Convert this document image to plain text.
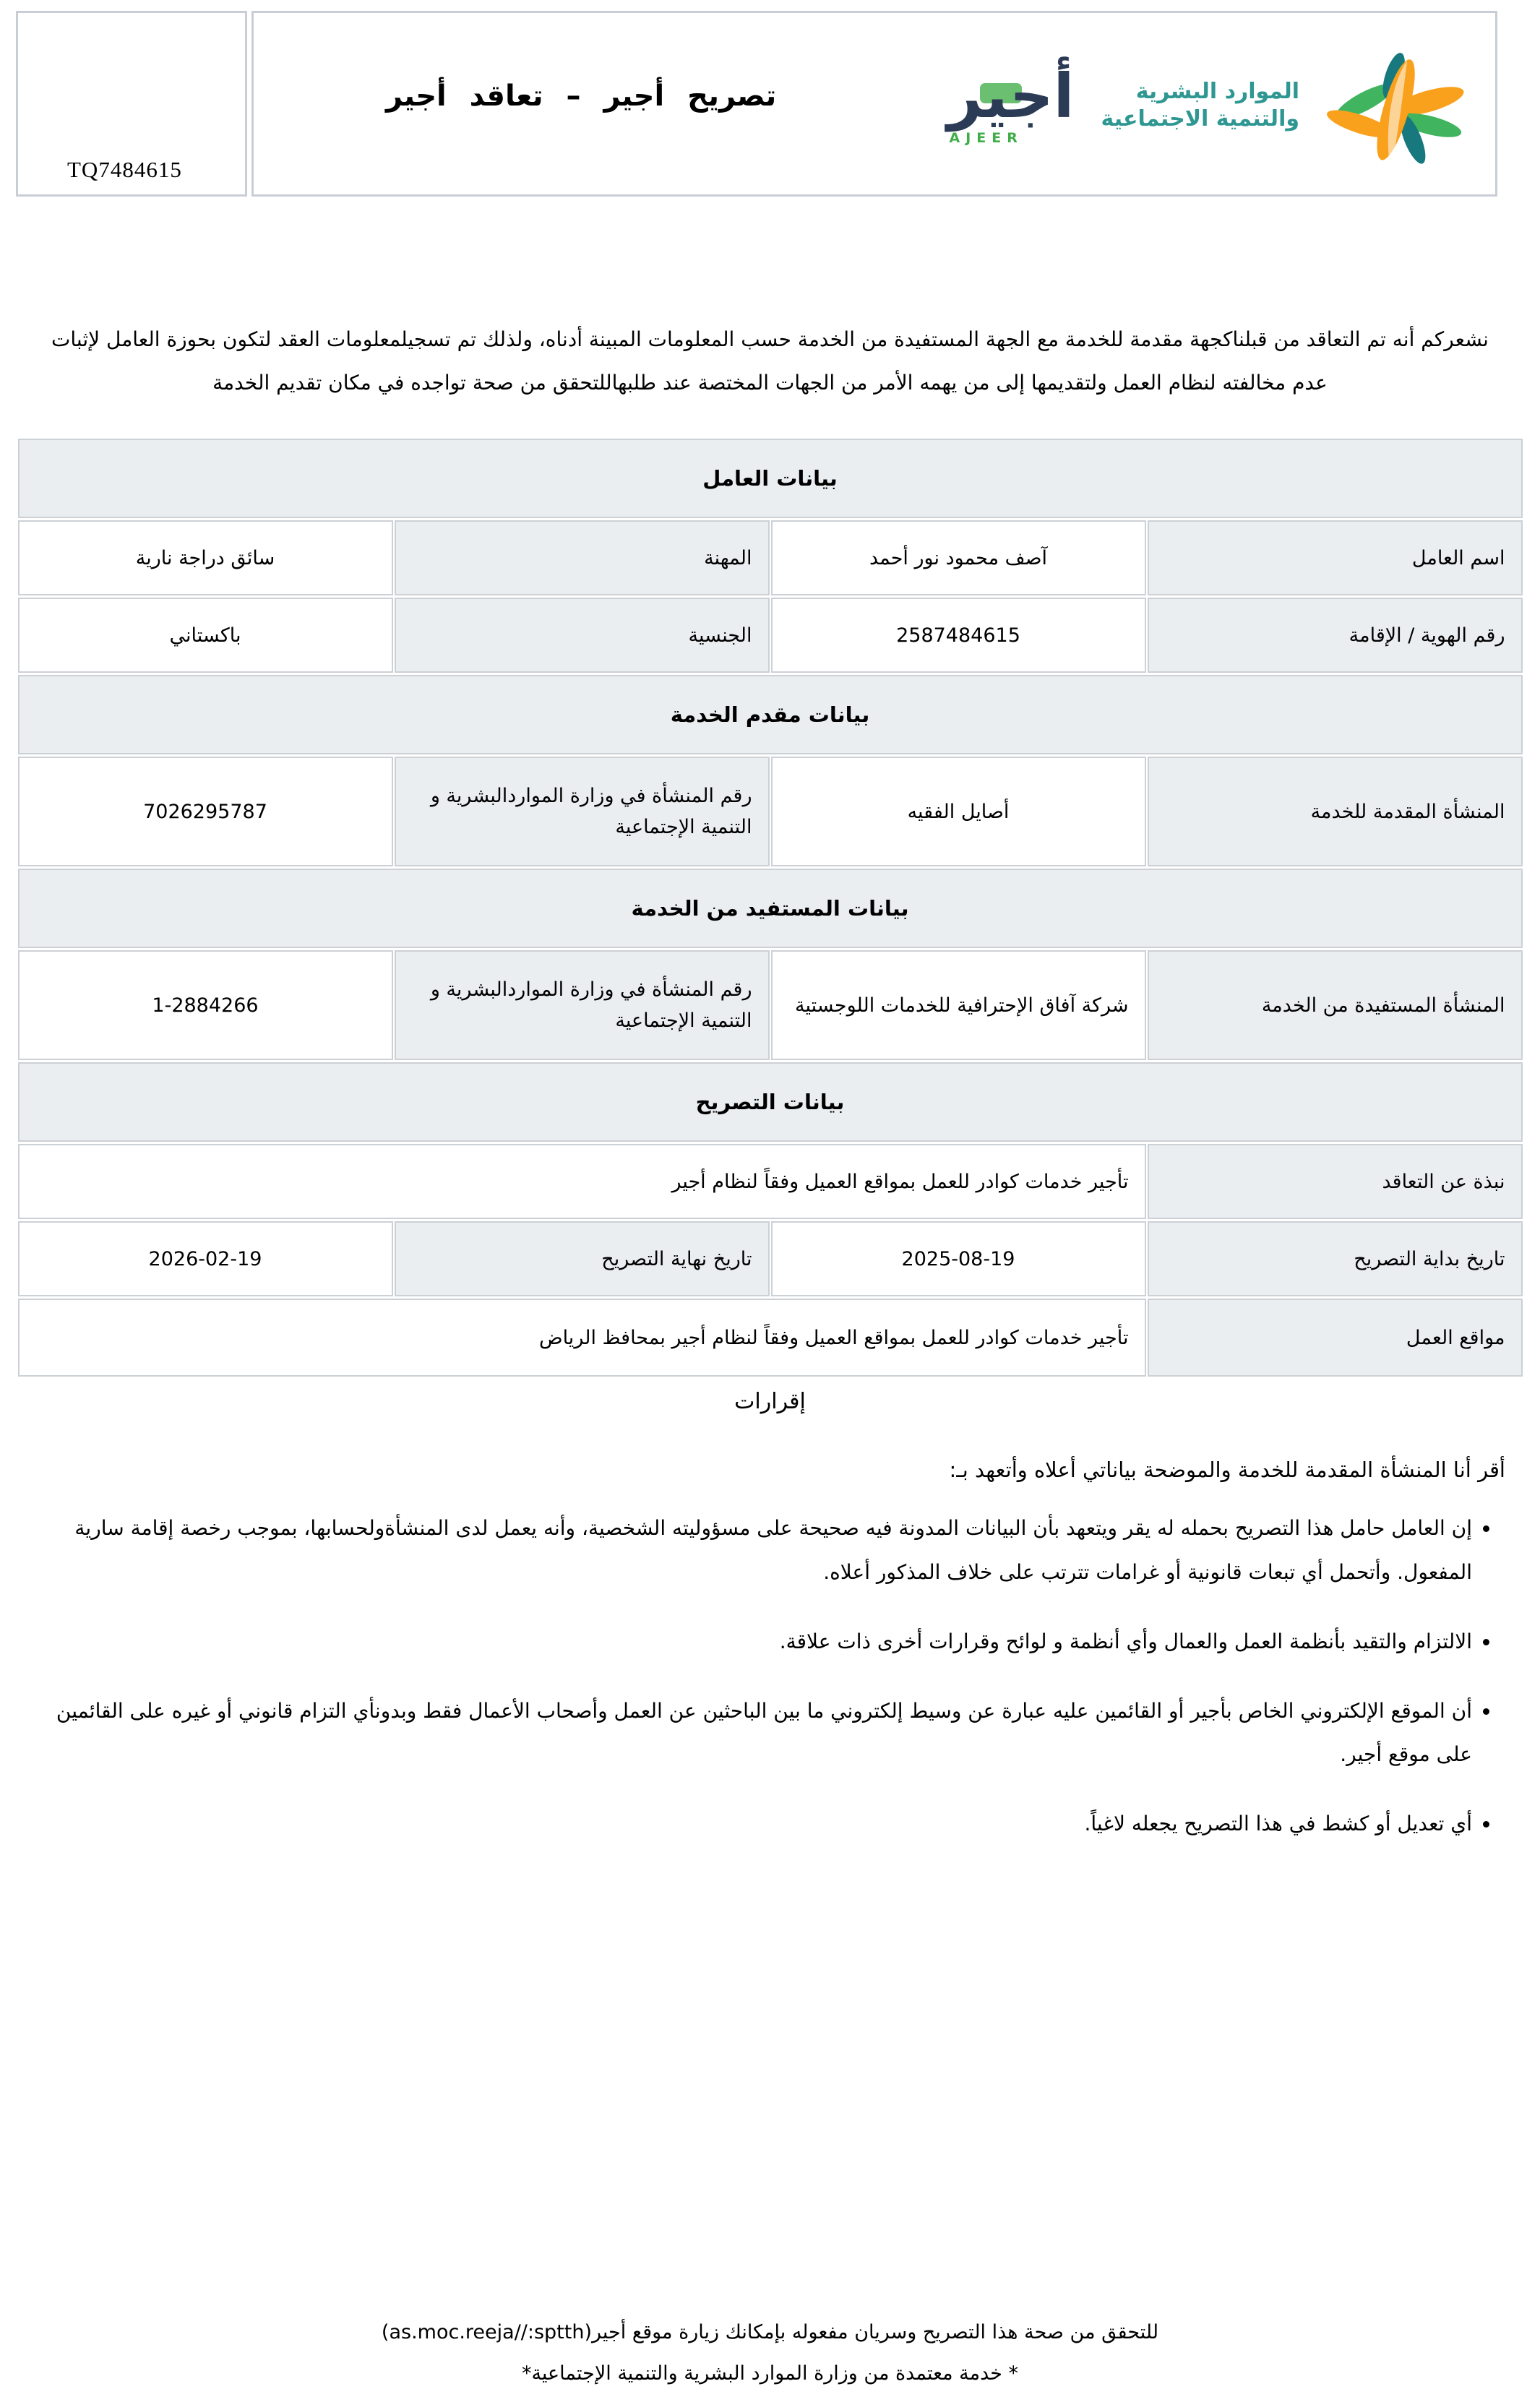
TQ7484615
تصريح أجير – تعاقد أجير	أجير
AJEER
الموارد البشرية
والتنمية الاجتماعية
نشعركم أنه تم التعاقد من قبلناكجهة مقدمة للخدمة مع الجهة المستفيدة من الخدمة حسب المعلومات المبينة أدناه، ولذلك تم تسجيلمعلومات العقد لتكون بحوزة العامل لإثبات عدم مخالفته لنظام العمل ولتقديمها إلى من يهمه الأمر من الجهات المختصة عند طلبهاللتحقق من صحة تواجده في مكان تقديم الخدمة
بيانات العامل			
اسم العامل	آصف محمود نور أحمد	المهنة	سائق دراجة نارية
رقم الهوية / الإقامة	2587484615	الجنسية	باكستاني
بيانات مقدم الخدمة			
المنشأة المقدمة للخدمة	أصايل الفقيه	رقم المنشأة في وزارة المواردالبشرية و التنمية الإجتماعية	7026295787
بيانات المستفيد من الخدمة			
المنشأة المستفيدة من الخدمة	شركة آفاق الإحترافية للخدمات اللوجستية	رقم المنشأة في وزارة المواردالبشرية و التنمية الإجتماعية	1-2884266
بيانات التصريح			
نبذة عن التعاقد	تأجير خدمات كوادر للعمل بمواقع العميل وفقاً لنظام أجير		
تاريخ بداية التصريح	2025-08-19	تاريخ نهاية التصريح	2026-02-19
مواقع العمل	تأجير خدمات كوادر للعمل بمواقع العميل وفقاً لنظام أجير بمحافظ الرياض		
إقرارات
أقر أنا المنشأة المقدمة للخدمة والموضحة بياناتي أعلاه وأتعهد بـ:
• إن العامل حامل هذا التصريح بحمله له يقر ويتعهد بأن البيانات المدونة فيه صحيحة على مسؤوليته الشخصية، وأنه يعمل لدى المنشأةولحسابها، بموجب رخصة إقامة سارية المفعول. وأتحمل أي تبعات قانونية أو غرامات تترتب على خلاف المذكور أعلاه.
• الالتزام والتقيد بأنظمة العمل والعمال وأي أنظمة و لوائح وقرارات أخرى ذات علاقة.
• أن الموقع الإلكتروني الخاص بأجير أو القائمين عليه عبارة عن وسيط إلكتروني ما بين الباحثين عن العمل وأصحاب الأعمال فقط وبدونأي التزام قانوني أو غيره على القائمين على موقع أجير.
• أي تعديل أو كشط في هذا التصريح يجعله لاغياً.
للتحقق من صحة هذا التصريح وسريان مفعوله بإمكانك زيارة موقع أجير(as.moc.reeja//:sptth)
* خدمة معتمدة من وزارة الموارد البشرية والتنمية الإجتماعية*
